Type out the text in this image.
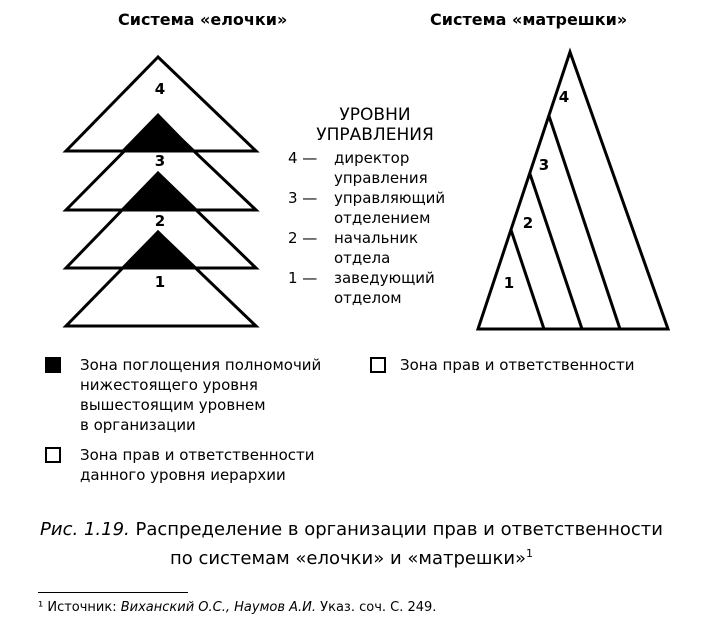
Система «елочки»	Система «матрешки»
4
3
2
1
УРОВНИ
УПРАВЛЕНИЯ
4 —	директор
управления
3 —	управляющий
отделением
2 —	начальник
отдела
1 —	заведующий
отделом
4
3
2
1
Зона поглощения полномочий
нижестоящего уровня
вышестоящим уровнем
в организации
Зона прав и ответственности
данного уровня иерархии
Зона прав и ответственности
Рис. 1.19. Распределение в организации прав и ответственности
по системам «елочки» и «матрешки»$^1$
¹ Источник: Виханский О.С., Наумов А.И. Указ. соч. С. 249.
